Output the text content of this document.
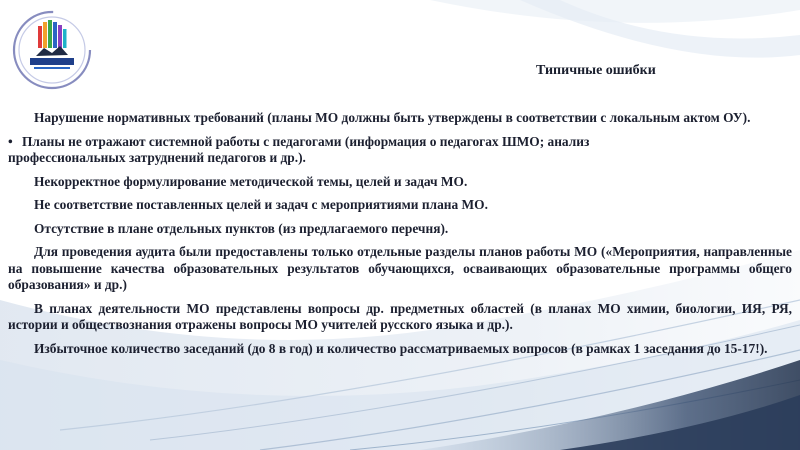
Типичные ошибки

Нарушение нормативных требований (планы МО должны быть утверждены в соответствии с локальным актом ОУ).

• Планы не отражают системной работы с педагогами (информация о педагогах ШМО; анализ

профессиональных затруднений педагогов и др.).

Некорректное формулирование методической темы, целей и задач МО.

Не соответствие поставленных целей и задач с мероприятиями плана МО.

Отсутствие в плане отдельных пунктов (из предлагаемого перечня).

Для проведения аудита были предоставлены только отдельные разделы планов работы МО («Мероприятия, направленные на повышение качества образовательных результатов обучающихся, осваивающих образовательные программы общего образования» и др.)

В планах деятельности МО представлены вопросы др. предметных областей (в планах МО химии, биологии, ИЯ, РЯ, истории и обществознания отражены вопросы МО учителей русского языка и др.).

Избыточное количество заседаний (до 8 в год) и количество рассматриваемых вопросов (в рамках 1 заседания до 15-17!).
